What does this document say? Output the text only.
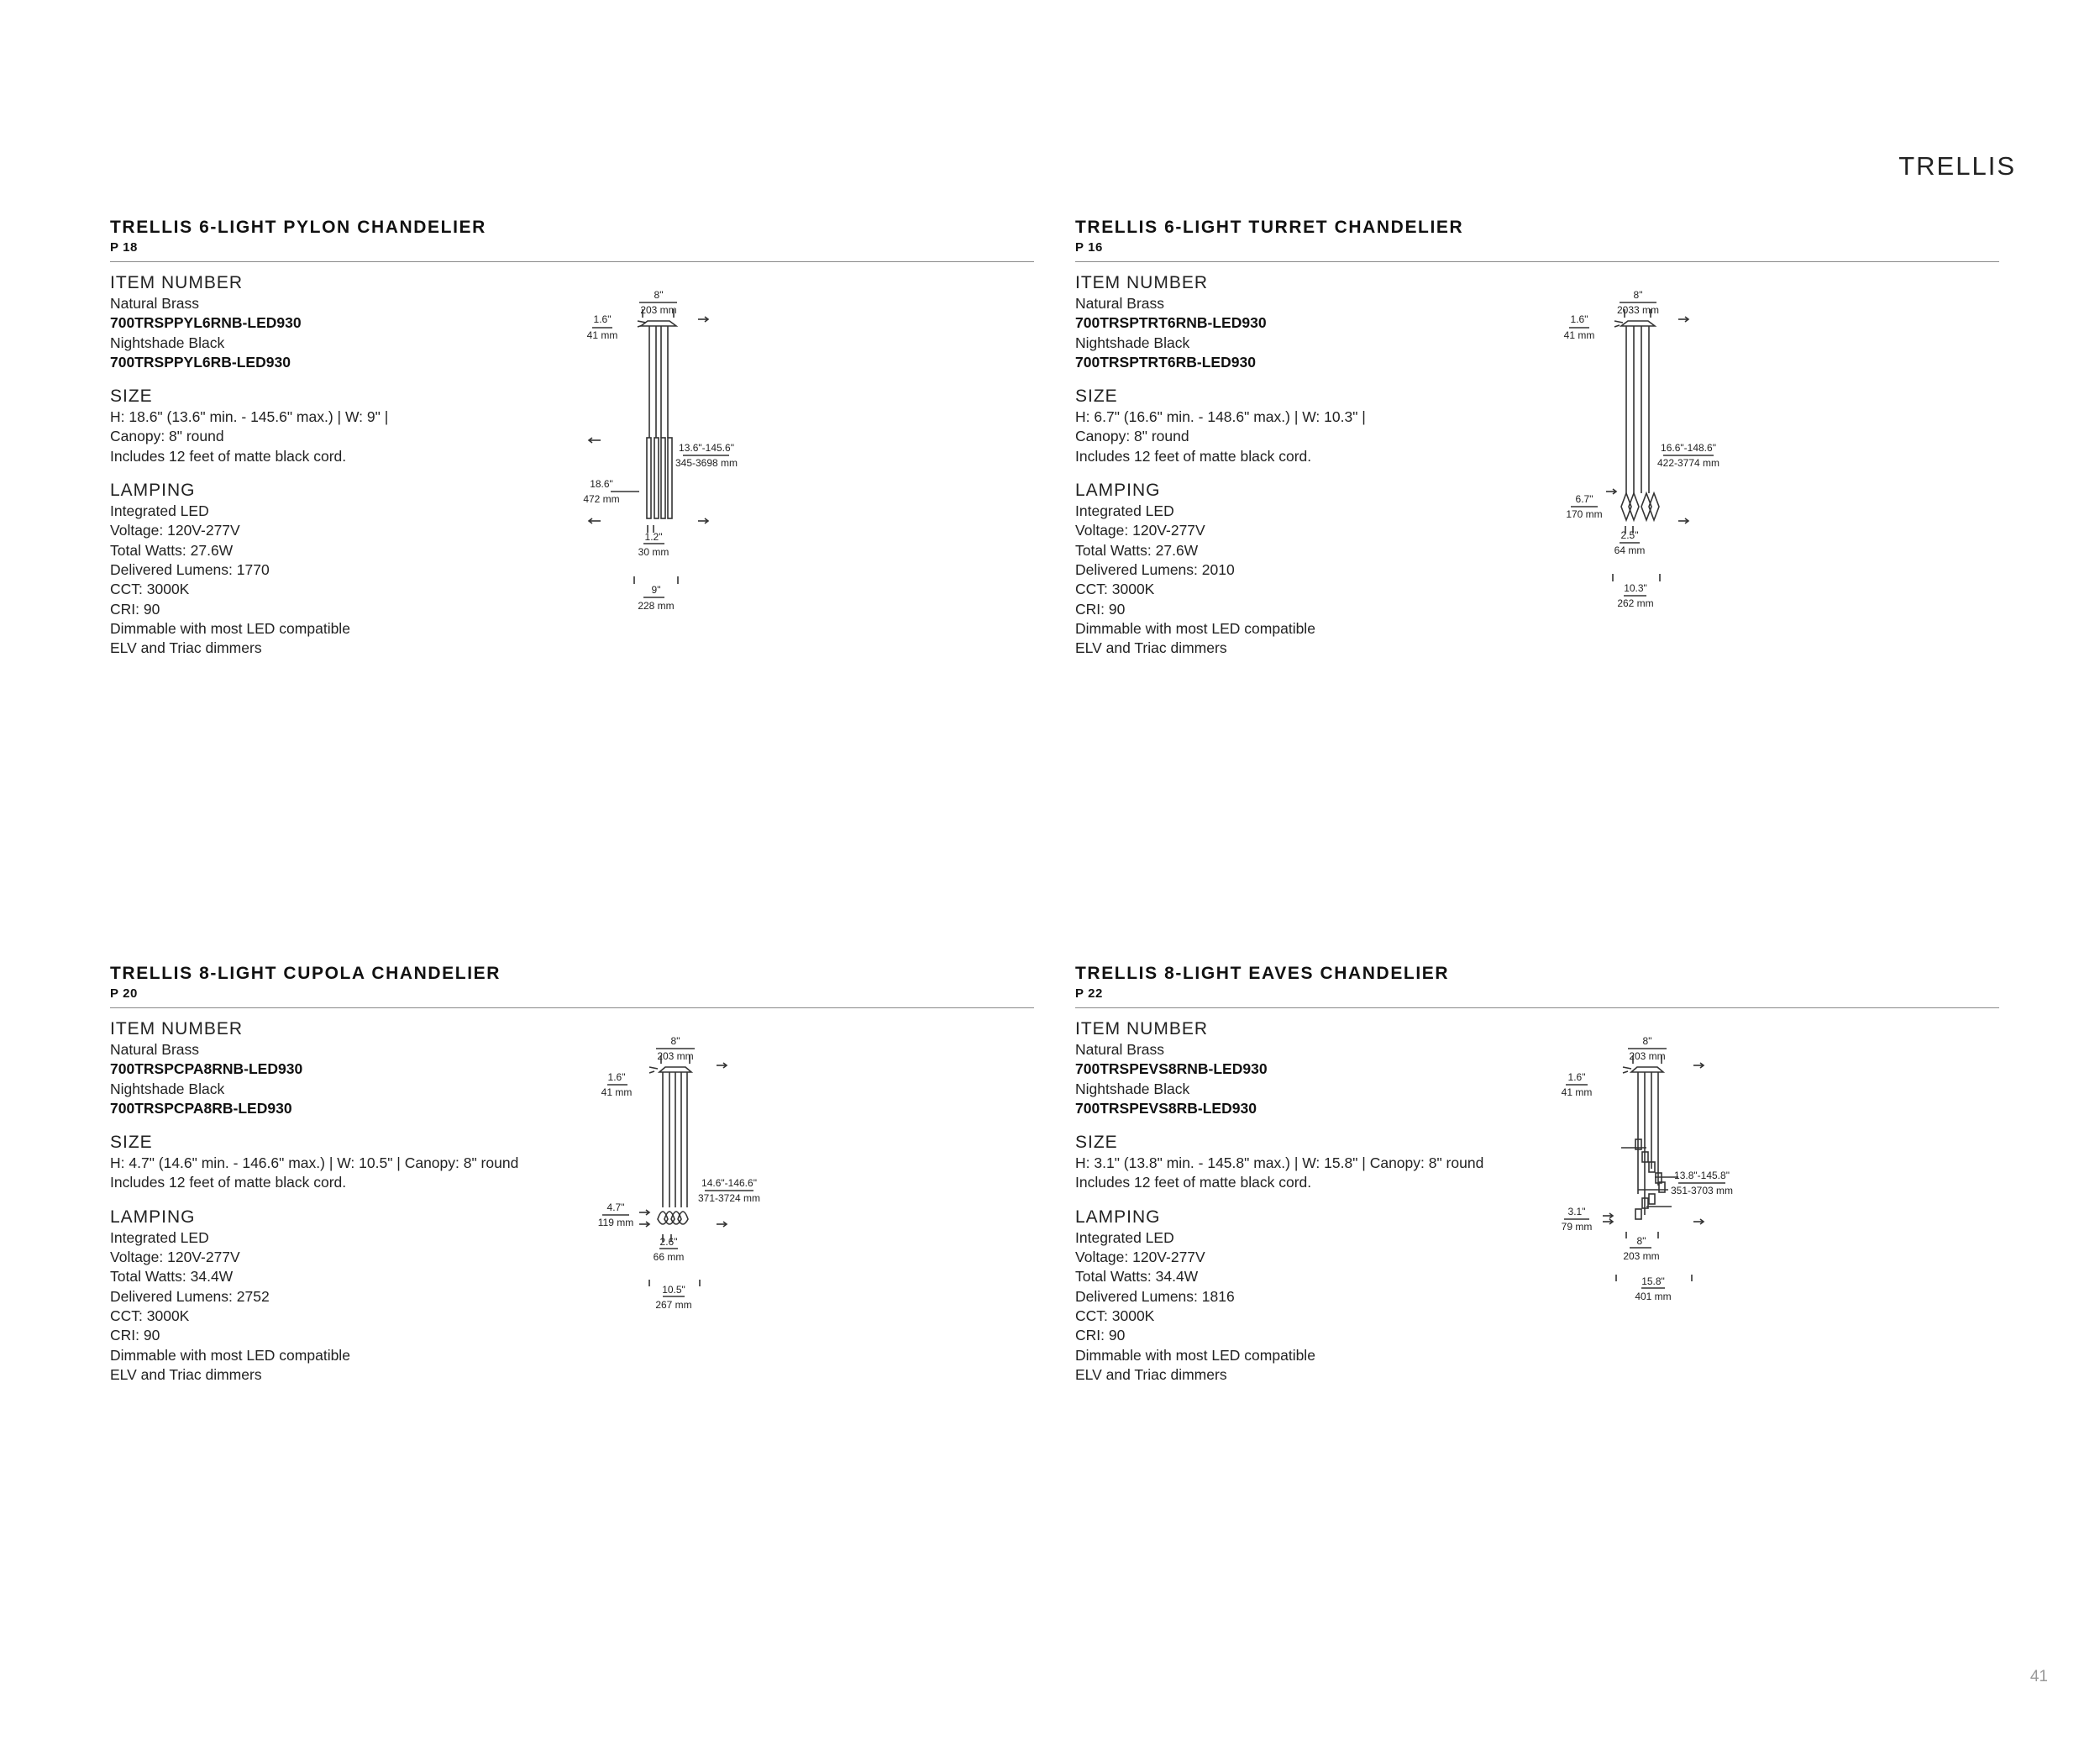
TRELLIS
TRELLIS 6-LIGHT PYLON CHANDELIER
P 18
ITEM NUMBER
Natural Brass
700TRSPPYL6RNB-LED930
Nightshade Black
700TRSPPYL6RB-LED930
SIZE
H: 18.6" (13.6" min. - 145.6" max.) | W: 9" |
Canopy: 8" round
Includes 12 feet of matte black cord.
LAMPING
Integrated LED
Voltage: 120V-277V
Total Watts: 27.6W
Delivered Lumens: 1770
CCT: 3000K
CRI: 90
Dimmable with most LED compatible
ELV and Triac dimmers
8"
203 mm
1.6"
41 mm
13.6"-145.6"
345-3698 mm
18.6"
472 mm
1.2"
30 mm
9"
228 mm
TRELLIS 6-LIGHT TURRET CHANDELIER
P 16
ITEM NUMBER
Natural Brass
700TRSPTRT6RNB-LED930
Nightshade Black
700TRSPTRT6RB-LED930
SIZE
H: 6.7" (16.6" min. - 148.6" max.) | W: 10.3" |
Canopy: 8" round
Includes 12 feet of matte black cord.
LAMPING
Integrated LED
Voltage: 120V-277V
Total Watts: 27.6W
Delivered Lumens: 2010
CCT: 3000K
CRI: 90
Dimmable with most LED compatible
ELV and Triac dimmers
8"
2033 mm
1.6"
41 mm
16.6"-148.6"
422-3774 mm
6.7"
170 mm
2.5"
64 mm
10.3"
262 mm
TRELLIS 8-LIGHT CUPOLA CHANDELIER
P 20
ITEM NUMBER
Natural Brass
700TRSPCPA8RNB-LED930
Nightshade Black
700TRSPCPA8RB-LED930
SIZE
H: 4.7" (14.6" min. - 146.6" max.) | W: 10.5" | Canopy: 8" round
Includes 12 feet of matte black cord.
LAMPING
Integrated LED
Voltage: 120V-277V
Total Watts: 34.4W
Delivered Lumens: 2752
CCT: 3000K
CRI: 90
Dimmable with most LED compatible
ELV and Triac dimmers
8"
203 mm
1.6"
41 mm
14.6"-146.6"
371-3724 mm
4.7"
119 mm
2.6"
66 mm
10.5"
267 mm
TRELLIS 8-LIGHT EAVES CHANDELIER
P 22
ITEM NUMBER
Natural Brass
700TRSPEVS8RNB-LED930
Nightshade Black
700TRSPEVS8RB-LED930
SIZE
H: 3.1" (13.8" min. - 145.8" max.) | W: 15.8" | Canopy: 8" round
Includes 12 feet of matte black cord.
LAMPING
Integrated LED
Voltage: 120V-277V
Total Watts: 34.4W
Delivered Lumens: 1816
CCT: 3000K
CRI: 90
Dimmable with most LED compatible
ELV and Triac dimmers
8"
203 mm
1.6"
41 mm
13.8"-145.8"
351-3703 mm
3.1"
79 mm
8"
203 mm
15.8"
401 mm
41
